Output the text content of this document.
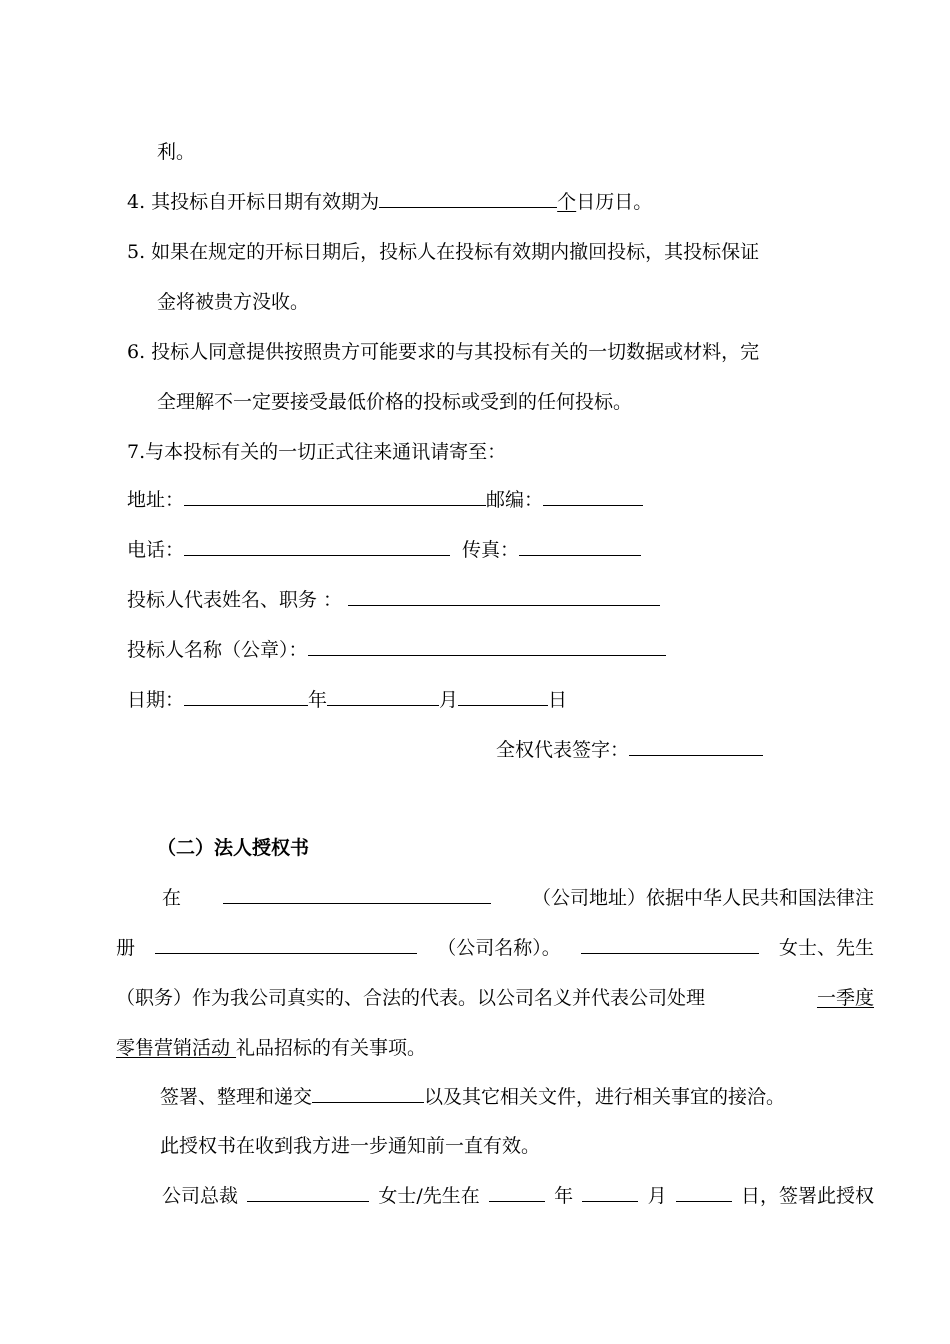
利。
4. 其投标自开标日期有效期为	个日历日。
5. 如果在规定的开标日期后，投标人在投标有效期内撤回投标，其投标保证
金将被贵方没收。
6. 投标人同意提供按照贵方可能要求的与其投标有关的一切数据或材料，完
全理解不一定要接受最低价格的投标或受到的任何投标。
7.与本投标有关的一切正式往来通讯请寄至：
地址：	邮编：
电话：	传真：
投标人代表姓名、职务 ：
投标人名称（公章）：
日期：	年	月	日
全权代表签字：
（二）法人授权书
在	（公司地址）依据中华人民共和国法律注
册	（公司名称）。	女士、先生
（职务）作为我公司真实的、合法的代表。以公司名义并代表公司处理	一季度
零售营销活动 礼品招标的有关事项。
签署、整理和递交	以及其它相关文件，进行相关事宜的接洽。
此授权书在收到我方进一步通知前一直有效。
公司总裁	女士/先生在	年	月	日，签署此授权
